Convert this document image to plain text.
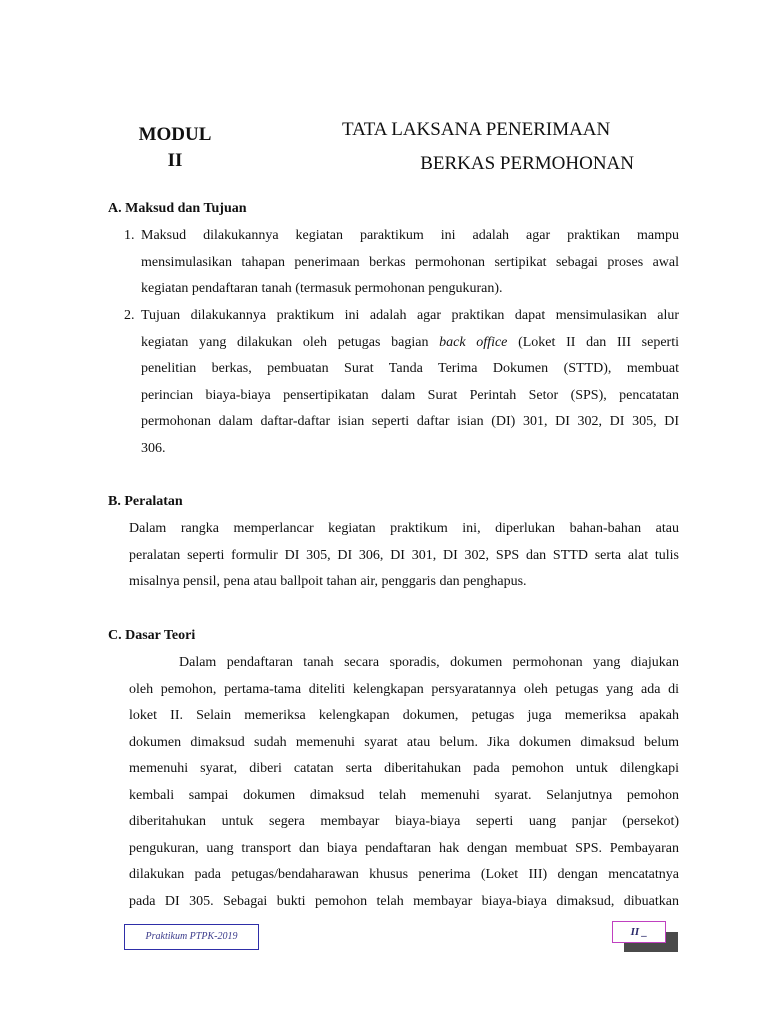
MODUL
II
TATA LAKSANA PENERIMAAN
BERKAS PERMOHONAN
A. Maksud dan Tujuan
1. Maksud dilakukannya kegiatan paraktikum ini adalah agar praktikan mampu
mensimulasikan tahapan penerimaan berkas permohonan sertipikat sebagai proses awal
kegiatan pendaftaran tanah (termasuk permohonan pengukuran).
2. Tujuan dilakukannya praktikum ini adalah agar praktikan dapat mensimulasikan alur
kegiatan yang dilakukan oleh petugas bagian back office (Loket II dan III seperti
penelitian berkas, pembuatan Surat Tanda Terima Dokumen (STTD), membuat
perincian biaya-biaya pensertipikatan dalam Surat Perintah Setor (SPS), pencatatan
permohonan dalam daftar-daftar isian seperti daftar isian (DI) 301, DI 302, DI 305, DI
306.
B. Peralatan
Dalam rangka memperlancar kegiatan praktikum ini, diperlukan bahan-bahan atau
peralatan seperti formulir DI 305, DI 306, DI 301, DI 302, SPS dan STTD serta alat tulis
misalnya pensil, pena atau ballpoit tahan air, penggaris dan penghapus.
C. Dasar Teori
Dalam pendaftaran tanah secara sporadis, dokumen permohonan yang diajukan
oleh pemohon, pertama-tama diteliti kelengkapan persyaratannya oleh petugas yang ada di
loket II. Selain memeriksa kelengkapan dokumen, petugas juga memeriksa apakah
dokumen dimaksud sudah memenuhi syarat atau belum. Jika dokumen dimaksud belum
memenuhi syarat, diberi catatan serta diberitahukan pada pemohon untuk dilengkapi
kembali sampai dokumen dimaksud telah memenuhi syarat. Selanjutnya pemohon
diberitahukan untuk segera membayar biaya-biaya seperti uang panjar (persekot)
pengukuran, uang transport dan biaya pendaftaran hak dengan membuat SPS. Pembayaran
dilakukan pada petugas/bendaharawan khusus penerima (Loket III) dengan mencatatnya
pada DI 305. Sebagai bukti pemohon telah membayar biaya-biaya dimaksud, dibuatkan
Praktikum PTPK-2019	II _
